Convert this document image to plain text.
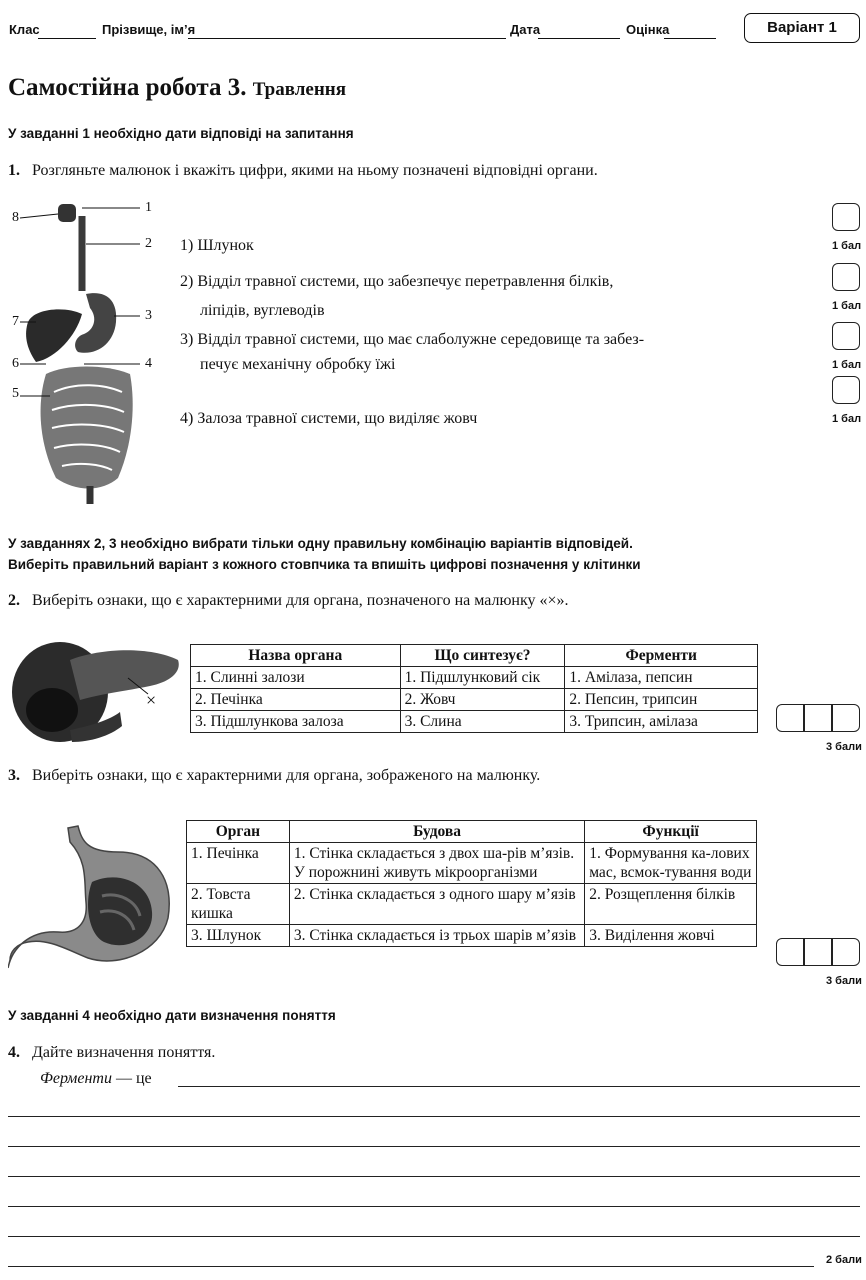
Клас	Прізвище, ім’я	Дата	Оцінка	Варіант 1
Самостійна робота 3. Травлення
У завданні 1 необхідно дати відповіді на запитання
1. Розгляньте малюнок і вкажіть цифри, якими на ньому позначені відповідні органи.
1
2
3
4
5
6
7
8
1) Шлунок
2) Відділ травної системи, що забезпечує перетравлення білків,
ліпідів, вуглеводів
3) Відділ травної системи, що має слаболужне середовище та забез-
печує механічну обробку їжі
4) Залоза травної системи, що виділяє жовч
1 бал
1 бал
1 бал
1 бал
У завданнях 2, 3 необхідно вибрати тільки одну правильну комбінацію варіантів відповідей.
Виберіть правильний варіант з кожного стовпчика та впишіть цифрові позначення у клітинки
2. Виберіть ознаки, що є характерними для органа, позначеного на малюнку «×».
×
Назва органа	Що синтезує?	Ферменти
1. Слинні залози	1. Підшлунковий сік	1. Амілаза, пепсин
2. Печінка	2. Жовч	2. Пепсин, трипсин
3. Підшлункова залоза	3. Слина	3. Трипсин, амілаза
3 бали
3. Виберіть ознаки, що є характерними для органа, зображеного на малюнку.
Орган	Будова	Функції
1. Печінка	1. Стінка складається з двох ша-рів м’язів. У порожнині живуть мікроорганізми	1. Формування ка-лових мас, всмок-тування води
2. Товста кишка	2. Стінка складається з одного шару м’язів	2. Розщеплення білків
3. Шлунок	3. Стінка складається із трьох шарів м’язів	3. Виділення жовчі
3 бали
У завданні 4 необхідно дати визначення поняття
4. Дайте визначення поняття.
Ферменти — це
2 бали
